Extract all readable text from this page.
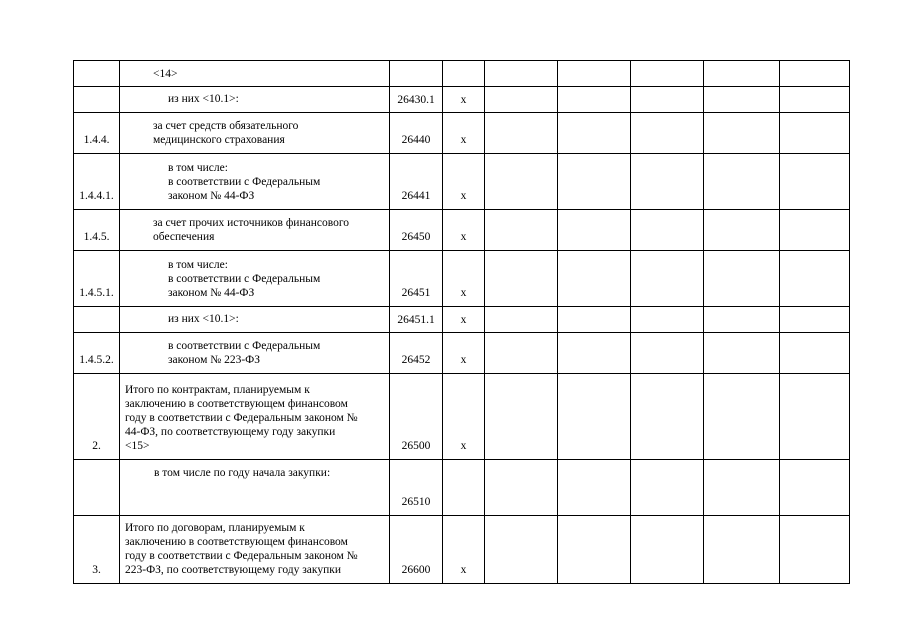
	<14>							

	из них <10.1>:	26430.1	x					
1.4.4.	за счет средств обязательного
медицинского страхования	26440	x					
1.4.4.1.	в том числе:
в соответствии с Федеральным
законом № 44-ФЗ	26441	x					
1.4.5.	за счет прочих источников финансового
обеспечения	26450	x					
1.4.5.1.	в том числе:
в соответствии с Федеральным
законом № 44-ФЗ	26451	x					

	из них <10.1>:	26451.1	x					
1.4.5.2.	в соответствии с Федеральным
законом № 223-ФЗ	26452	x					
2.	Итого по контрактам, планируемым к
заключению в соответствующем финансовом
году в соответствии с Федеральным законом №
44-ФЗ, по соответствующему году закупки
<15>	26500	x					

	в том числе по году начала закупки:	26510						
3.	Итого по договорам, планируемым к
заключению в соответствующем финансовом
году в соответствии с Федеральным законом №
223-ФЗ, по соответствующему году закупки	26600	x					
